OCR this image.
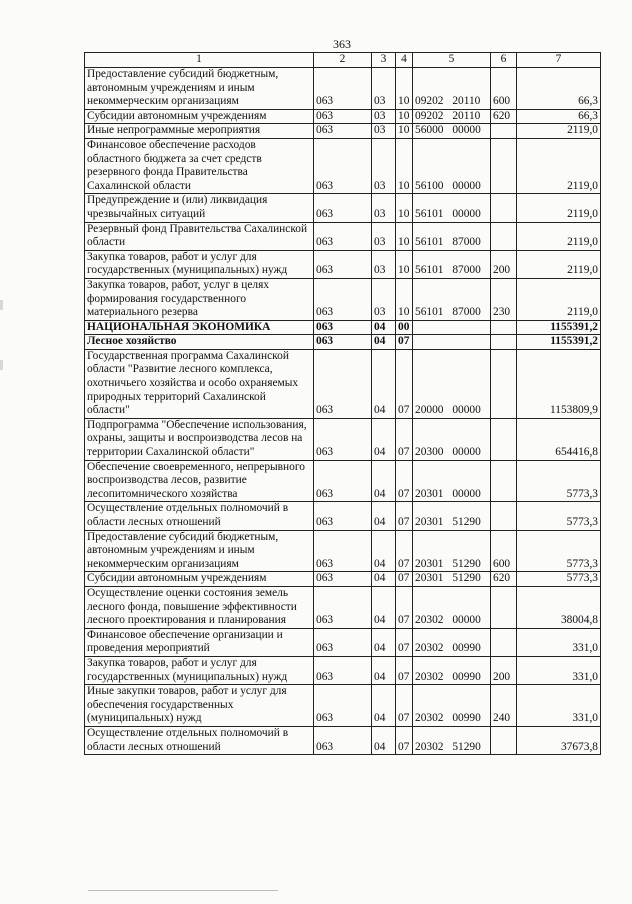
363
1	2	3	4	5	6	7
Предоставление субсидий бюджетным, автономным учреждениям и иным некоммерческим организациям	063	03	10	09202 20110	600	66,3
Субсидии автономным учреждениям	063	03	10	09202 20110	620	66,3
Иные непрограммные мероприятия	063	03	10	56000 00000		2119,0
Финансовое обеспечение расходов областного бюджета за счет средств резервного фонда Правительства Сахалинской области	063	03	10	56100 00000		2119,0
Предупреждение и (или) ликвидация чрезвычайных ситуаций	063	03	10	56101 00000		2119,0
Резервный фонд Правительства Сахалинской области	063	03	10	56101 87000		2119,0
Закупка товаров, работ и услуг для государственных (муниципальных) нужд	063	03	10	56101 87000	200	2119,0
Закупка товаров, работ, услуг в целях формирования государственного материального резерва	063	03	10	56101 87000	230	2119,0
НАЦИОНАЛЬНАЯ ЭКОНОМИКА	063	04	00			1155391,2
Лесное хозяйство	063	04	07			1155391,2
Государственная программа Сахалинской области "Развитие лесного комплекса, охотничьего хозяйства и особо охраняемых природных территорий Сахалинской области"	063	04	07	20000 00000		1153809,9
Подпрограмма "Обеспечение использования, охраны, защиты и воспроизводства лесов на территории Сахалинской области"	063	04	07	20300 00000		654416,8
Обеспечение своевременного, непрерывного воспроизводства лесов, развитие лесопитомнического хозяйства	063	04	07	20301 00000		5773,3
Осуществление отдельных полномочий в области лесных отношений	063	04	07	20301 51290		5773,3
Предоставление субсидий бюджетным, автономным учреждениям и иным некоммерческим организациям	063	04	07	20301 51290	600	5773,3
Субсидии автономным учреждениям	063	04	07	20301 51290	620	5773,3
Осуществление оценки состояния земель лесного фонда, повышение эффективности лесного проектирования и планирования	063	04	07	20302 00000		38004,8
Финансовое обеспечение организации и проведения мероприятий	063	04	07	20302 00990		331,0
Закупка товаров, работ и услуг для государственных (муниципальных) нужд	063	04	07	20302 00990	200	331,0
Иные закупки товаров, работ и услуг для обеспечения государственных (муниципальных) нужд	063	04	07	20302 00990	240	331,0
Осуществление отдельных полномочий в области лесных отношений	063	04	07	20302 51290		37673,8
